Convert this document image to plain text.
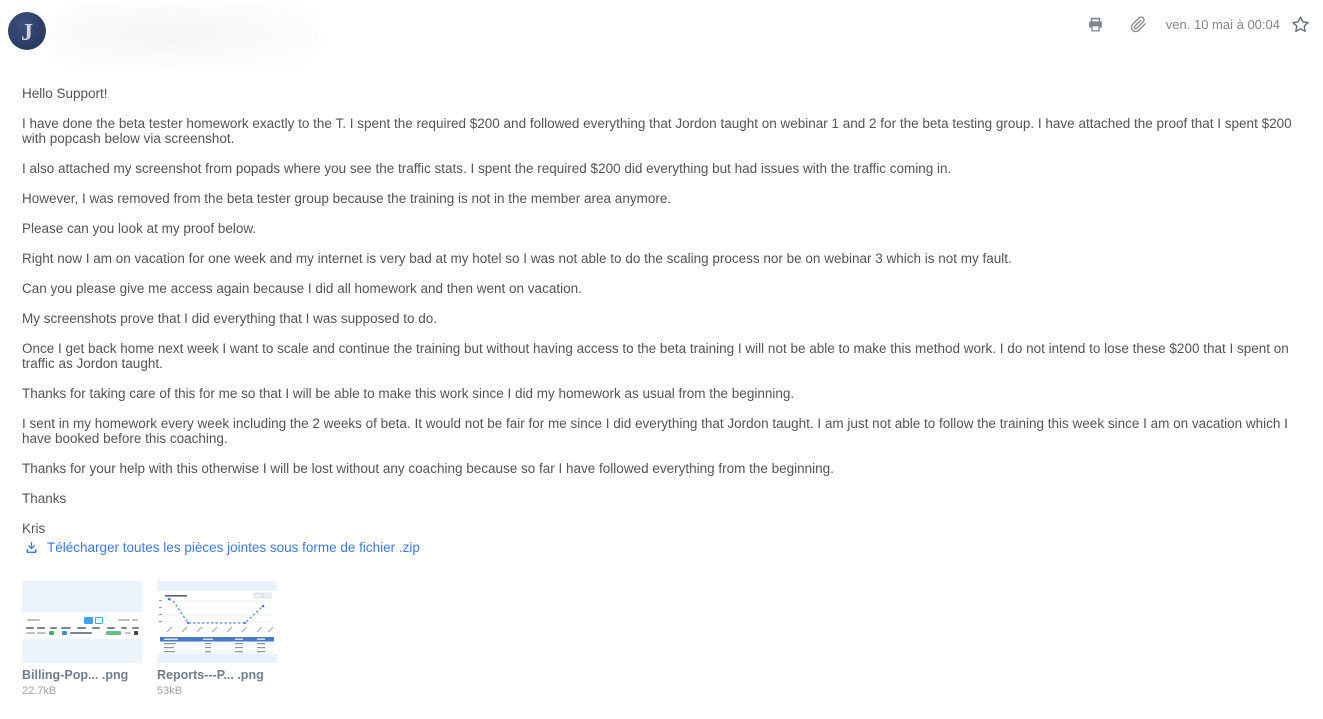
J	ven. 10 mai à 00:04

Hello Support!

I have done the beta tester homework exactly to the T. I spent the required $200 and followed everything that Jordon taught on webinar 1 and 2 for the beta testing group. I have attached the proof that I spent $200 with popcash below via screenshot.

I also attached my screenshot from popads where you see the traffic stats. I spent the required $200 did everything but had issues with the traffic coming in.

However, I was removed from the beta tester group because the training is not in the member area anymore.

Please can you look at my proof below.

Right now I am on vacation for one week and my internet is very bad at my hotel so I was not able to do the scaling process nor be on webinar 3 which is not my fault.

Can you please give me access again because I did all homework and then went on vacation.

My screenshots prove that I did everything that I was supposed to do.

Once I get back home next week I want to scale and continue the training but without having access to the beta training I will not be able to make this method work. I do not intend to lose these $200 that I spent on traffic as Jordon taught.

Thanks for taking care of this for me so that I will be able to make this work since I did my homework as usual from the beginning.

I sent in my homework every week including the 2 weeks of beta. It would not be fair for me since I did everything that Jordon taught. I am just not able to follow the training this week since I am on vacation which I have booked before this coaching.

Thanks for your help with this otherwise I will be lost without any coaching because so far I have followed everything from the beginning.

Thanks

Kris

Télécharger toutes les pièces jointes sous forme de fichier .zip
Billing-Pop... .png
22.7kB
Reports---P... .png
53kB
